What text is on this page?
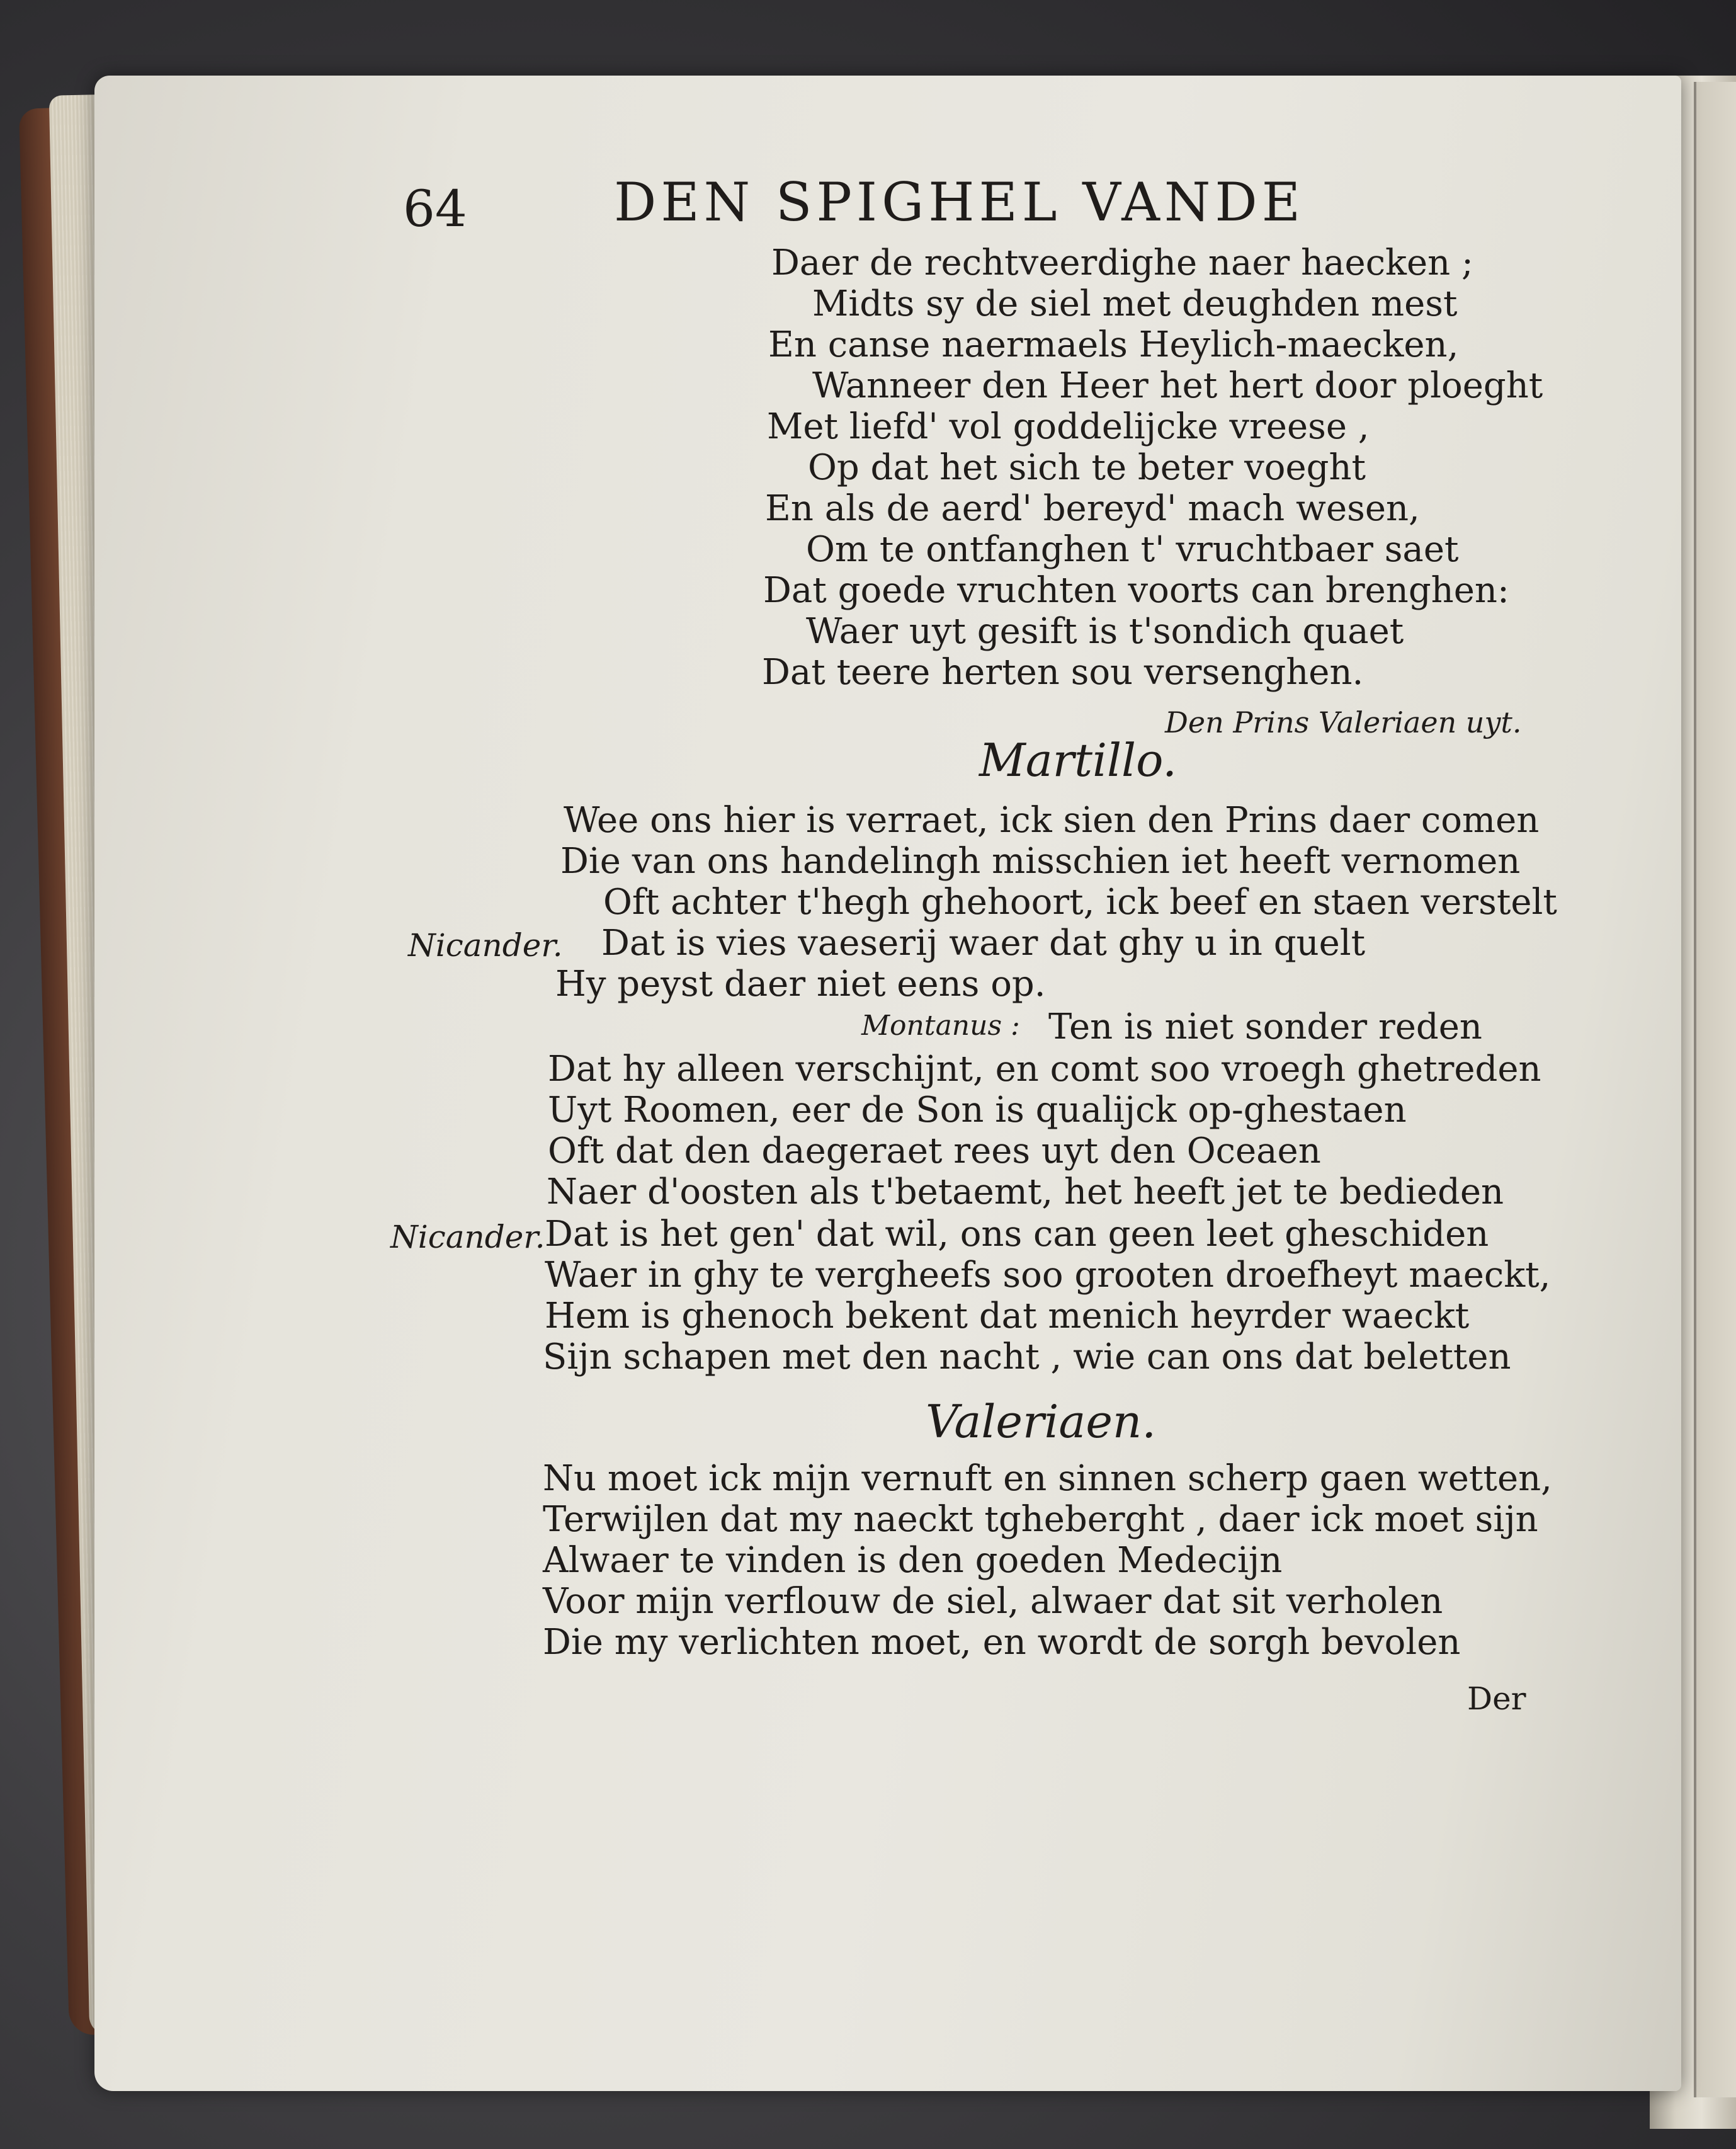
64	DEN SPIGHEL VANDE
Daer de rechtveerdighe naer haecken ;
Midts sy de siel met deughden mest
En canse naermaels Heylich-maecken,
Wanneer den Heer het hert door ploeght
Met liefd' vol goddelijcke vreese ,
Op dat het sich te beter voeght
En als de aerd' bereyd' mach wesen,
Om te ontfanghen t' vruchtbaer saet
Dat goede vruchten voorts can brenghen:
Waer uyt gesift is t'sondich quaet
Dat teere herten sou versenghen.
Den Prins Valeriaen uyt.
Martillo.
Wee ons hier is verraet, ick sien den Prins daer comen
Die van ons handelingh misschien iet heeft vernomen
Oft achter t'hegh ghehoort, ick beef en staen verstelt
Nicander. Dat is vies vaeserij waer dat ghy u in quelt
Hy peyst daer niet eens op.
Montanus : Ten is niet sonder reden
Dat hy alleen verschijnt, en comt soo vroegh ghetreden
Uyt Roomen, eer de Son is qualijck op-ghestaen
Oft dat den daegeraet rees uyt den Oceaen
Naer d'oosten als t'betaemt, het heeft jet te bedieden
Nicander. Dat is het gen' dat wil, ons can geen leet gheschiden
Waer in ghy te vergheefs soo grooten droefheyt maeckt,
Hem is ghenoch bekent dat menich heyrder waeckt
Sijn schapen met den nacht , wie can ons dat beletten
Valeriaen.
Nu moet ick mijn vernuft en sinnen scherp gaen wetten,
Terwijlen dat my naeckt tgheberght , daer ick moet sijn
Alwaer te vinden is den goeden Medecijn
Voor mijn verflouw de siel, alwaer dat sit verholen
Die my verlichten moet, en wordt de sorgh bevolen
Der
